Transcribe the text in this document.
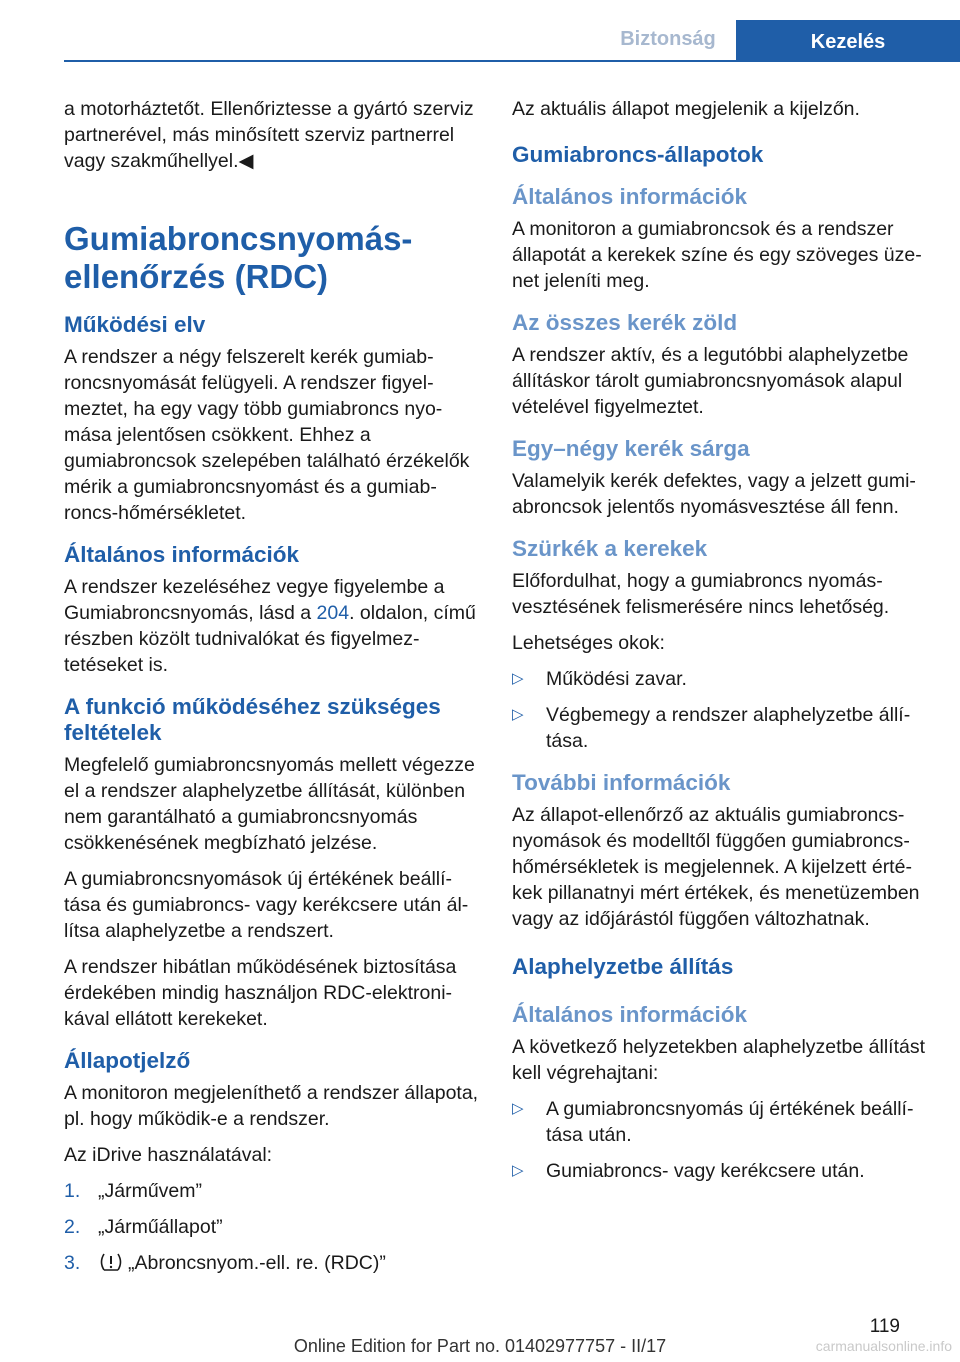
Biztonság	Kezelés

a motorháztetőt. Ellenőriztesse a gyártó szerviz partnerével, más minősített szerviz partnerrel vagy szakműhellyel.◀

Gumiabroncsnyomás-ellenőrzés (RDC)
Működési elv

A rendszer a négy felszerelt kerék gumiabroncsnyomását felügyeli. A rendszer figyelmeztet, ha egy vagy több gumiabroncs nyomása jelentősen csökkent. Ehhez a gumiabroncsok szelepében található érzékelők mérik a gumiabroncsnyomást és a gumiabroncs-hőmérsékletet.

Általános információk

A rendszer kezeléséhez vegye figyelembe a Gumiabroncsnyomás, lásd a 204. oldalon, című részben közölt tudnivalókat és figyelmeztetéseket is.

A funkció működéséhez szükséges feltételek

Megfelelő gumiabroncsnyomás mellett végezze el a rendszer alaphelyzetbe állítását, különben nem garantálható a gumiabroncsnyomás csökkenésének megbízható jelzése.

A gumiabroncsnyomások új értékének beállítása és gumiabroncs- vagy kerékcsere után állítsa alaphelyzetbe a rendszert.

A rendszer hibátlan működésének biztosítása érdekében mindig használjon RDC-elektronikával ellátott kerekeket.

Állapotjelző

A monitoron megjeleníthető a rendszer állapota, pl. hogy működik-e a rendszer.

Az iDrive használatával:

1. „Járművem”
2. „Járműállapot”
3. „Abroncsnyom.-ell. re. (RDC)”

Az aktuális állapot megjelenik a kijelzőn.

Gumiabroncs-állapotok
Általános információk

A monitoron a gumiabroncsok és a rendszer állapotát a kerekek színe és egy szöveges üzenet jeleníti meg.

Az összes kerék zöld

A rendszer aktív, és a legutóbbi alaphelyzetbe állításkor tárolt gumiabroncsnyomások alapul vételével figyelmeztet.

Egy–négy kerék sárga

Valamelyik kerék defektes, vagy a jelzett gumiabroncsok jelentős nyomásvesztése áll fenn.

Szürkék a kerekek

Előfordulhat, hogy a gumiabroncs nyomásvesztésének felismerésére nincs lehetőség.

Lehetséges okok:

▷ Működési zavar.
▷ Végbemegy a rendszer alaphelyzetbe állítása.
További információk

Az állapot-ellenőrző az aktuális gumiabroncsnyomások és modelltől függően gumiabroncshőmérsékletek is megjelennek. A kijelzett értékek pillanatnyi mért értékek, és menetüzemben vagy az időjárástól függően változhatnak.

Alaphelyzetbe állítás
Általános információk

A következő helyzetekben alaphelyzetbe állítást kell végrehajtani:

▷ A gumiabroncsnyomás új értékének beállítása után.
▷ Gumiabroncs- vagy kerékcsere után.
119
Online Edition for Part no. 01402977757 - II/17	carmanualsonline.info
